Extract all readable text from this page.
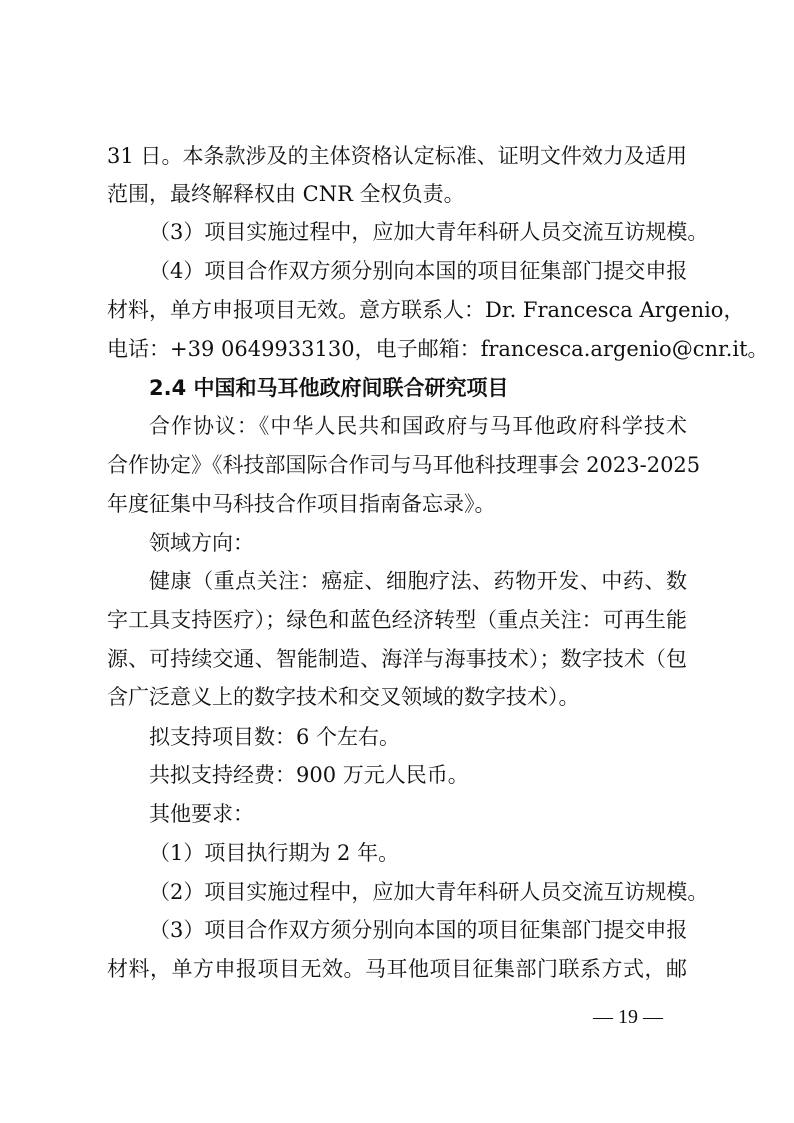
31 日。本条款涉及的主体资格认定标准、证明文件效力及适用
范围，最终解释权由 CNR 全权负责。
（3）项目实施过程中，应加大青年科研人员交流互访规模。
（4）项目合作双方须分别向本国的项目征集部门提交申报
材料，单方申报项目无效。意方联系人：Dr. Francesca Argenio，
电话：+39 0649933130，电子邮箱：francesca.argenio@cnr.it。
2.4 中国和马耳他政府间联合研究项目
合作协议：《中华人民共和国政府与马耳他政府科学技术
合作协定》《科技部国际合作司与马耳他科技理事会 2023-2025
年度征集中马科技合作项目指南备忘录》。
领域方向：
健康（重点关注：癌症、细胞疗法、药物开发、中药、数
字工具支持医疗）；绿色和蓝色经济转型（重点关注：可再生能
源、可持续交通、智能制造、海洋与海事技术）；数字技术（包
含广泛意义上的数字技术和交叉领域的数字技术）。
拟支持项目数：6 个左右。
共拟支持经费：900 万元人民币。
其他要求：
（1）项目执行期为 2 年。
（2）项目实施过程中，应加大青年科研人员交流互访规模。
（3）项目合作双方须分别向本国的项目征集部门提交申报
材料，单方申报项目无效。马耳他项目征集部门联系方式，邮
— 19 —
